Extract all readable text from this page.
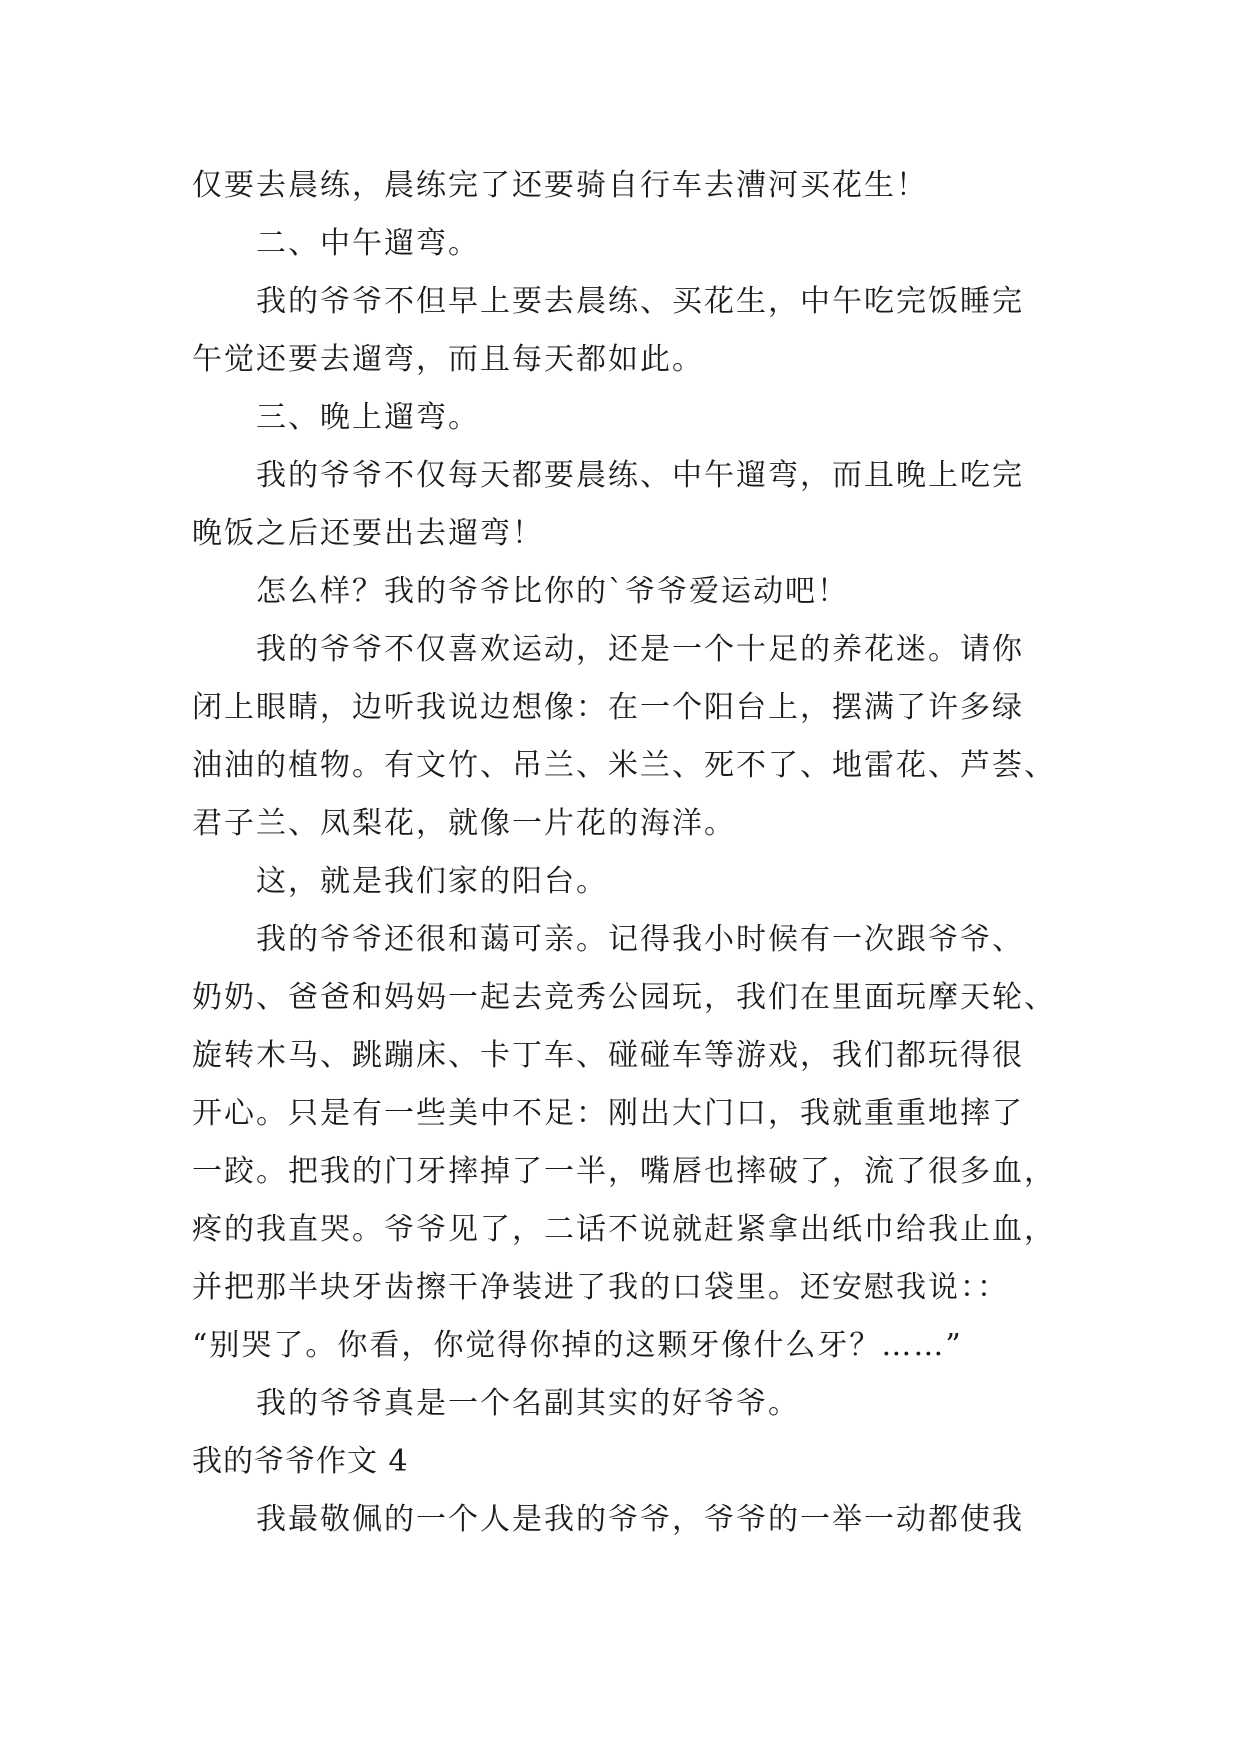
仅要去晨练，晨练完了还要骑自行车去漕河买花生！
二、中午遛弯。
我的爷爷不但早上要去晨练、买花生，中午吃完饭睡完
午觉还要去遛弯，而且每天都如此。
三、晚上遛弯。
我的爷爷不仅每天都要晨练、中午遛弯，而且晚上吃完
晚饭之后还要出去遛弯！
怎么样？我的爷爷比你的`爷爷爱运动吧！
我的爷爷不仅喜欢运动，还是一个十足的养花迷。请你
闭上眼睛，边听我说边想像：在一个阳台上，摆满了许多绿
油油的植物。有文竹、吊兰、米兰、死不了、地雷花、芦荟、
君子兰、凤梨花，就像一片花的海洋。
这，就是我们家的阳台。
我的爷爷还很和蔼可亲。记得我小时候有一次跟爷爷、
奶奶、爸爸和妈妈一起去竞秀公园玩，我们在里面玩摩天轮、
旋转木马、跳蹦床、卡丁车、碰碰车等游戏，我们都玩得很
开心。只是有一些美中不足：刚出大门口，我就重重地摔了
一跤。把我的门牙摔掉了一半，嘴唇也摔破了，流了很多血，
疼的我直哭。爷爷见了，二话不说就赶紧拿出纸巾给我止血，
并把那半块牙齿擦干净装进了我的口袋里。还安慰我说：：
“别哭了。你看，你觉得你掉的这颗牙像什么牙？……”
我的爷爷真是一个名副其实的好爷爷。
我的爷爷作文 4
我最敬佩的一个人是我的爷爷，爷爷的一举一动都使我
